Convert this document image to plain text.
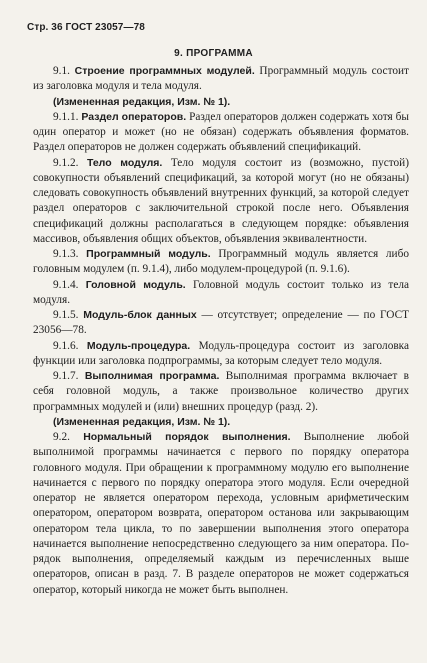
Стр. 36 ГОСТ 23057—78
9. ПРОГРАММА

9.1. Строение программных модулей. Программный модуль состоит из заголовка модуля и тела модуля.

(Измененная редакция, Изм. № 1).

9.1.1. Раздел операторов. Раздел операторов должен содержать хотя бы один оператор и может (но не обязан) содержать объявления форматов. Раздел операторов не должен содержать объявлений спецификаций.

9.1.2. Тело модуля. Тело модуля состоит из (возможно, пустой) совокупности объявлений спецификаций, за которой могут (но не обязаны) следовать совокупность объявлений внутренних функций, за которой следует раздел операторов с заключительной строкой после него. Объявления спецификаций должны располагаться в следующем порядке: объявления массивов, объявления общих объектов, объявления эквивалентности.

9.1.3. Программный модуль. Программный модуль является либо головным модулем (п. 9.1.4), либо модулем-процедурой (п. 9.1.6).

9.1.4. Головной модуль. Головной модуль состоит только из тела модуля.

9.1.5. Модуль-блок данных — отсутствует; определение — по ГОСТ 23056—78.

9.1.6. Модуль-процедура. Модуль-процедура состоит из заголовка функции или заголовка подпрограммы, за которым следует тело модуля.

9.1.7. Выполнимая программа. Выполнимая программа включает в себя головной модуль, а также произвольное количество других программных модулей и (или) внешних процедур (разд. 2).

(Измененная редакция, Изм. № 1).

9.2. Нормальный порядок выполнения. Выполнение любой выполнимой программы начинается с первого по порядку оператора головного модуля. При обращении к программному модулю его выполнение начинается с первого по порядку оператора этого модуля. Если очередной оператор не является оператором перехода, условным арифметическим оператором, оператором возврата, оператором останова или закрывающим оператором тела цикла, то по завершении выполнения этого оператора начинается выполнение непосредственно следующего за ним оператора. Порядок выполнения, определяемый каждым из перечисленных выше операторов, описан в разд. 7. В разделе операторов не может содержаться оператор, который никогда не может быть выполнен.
